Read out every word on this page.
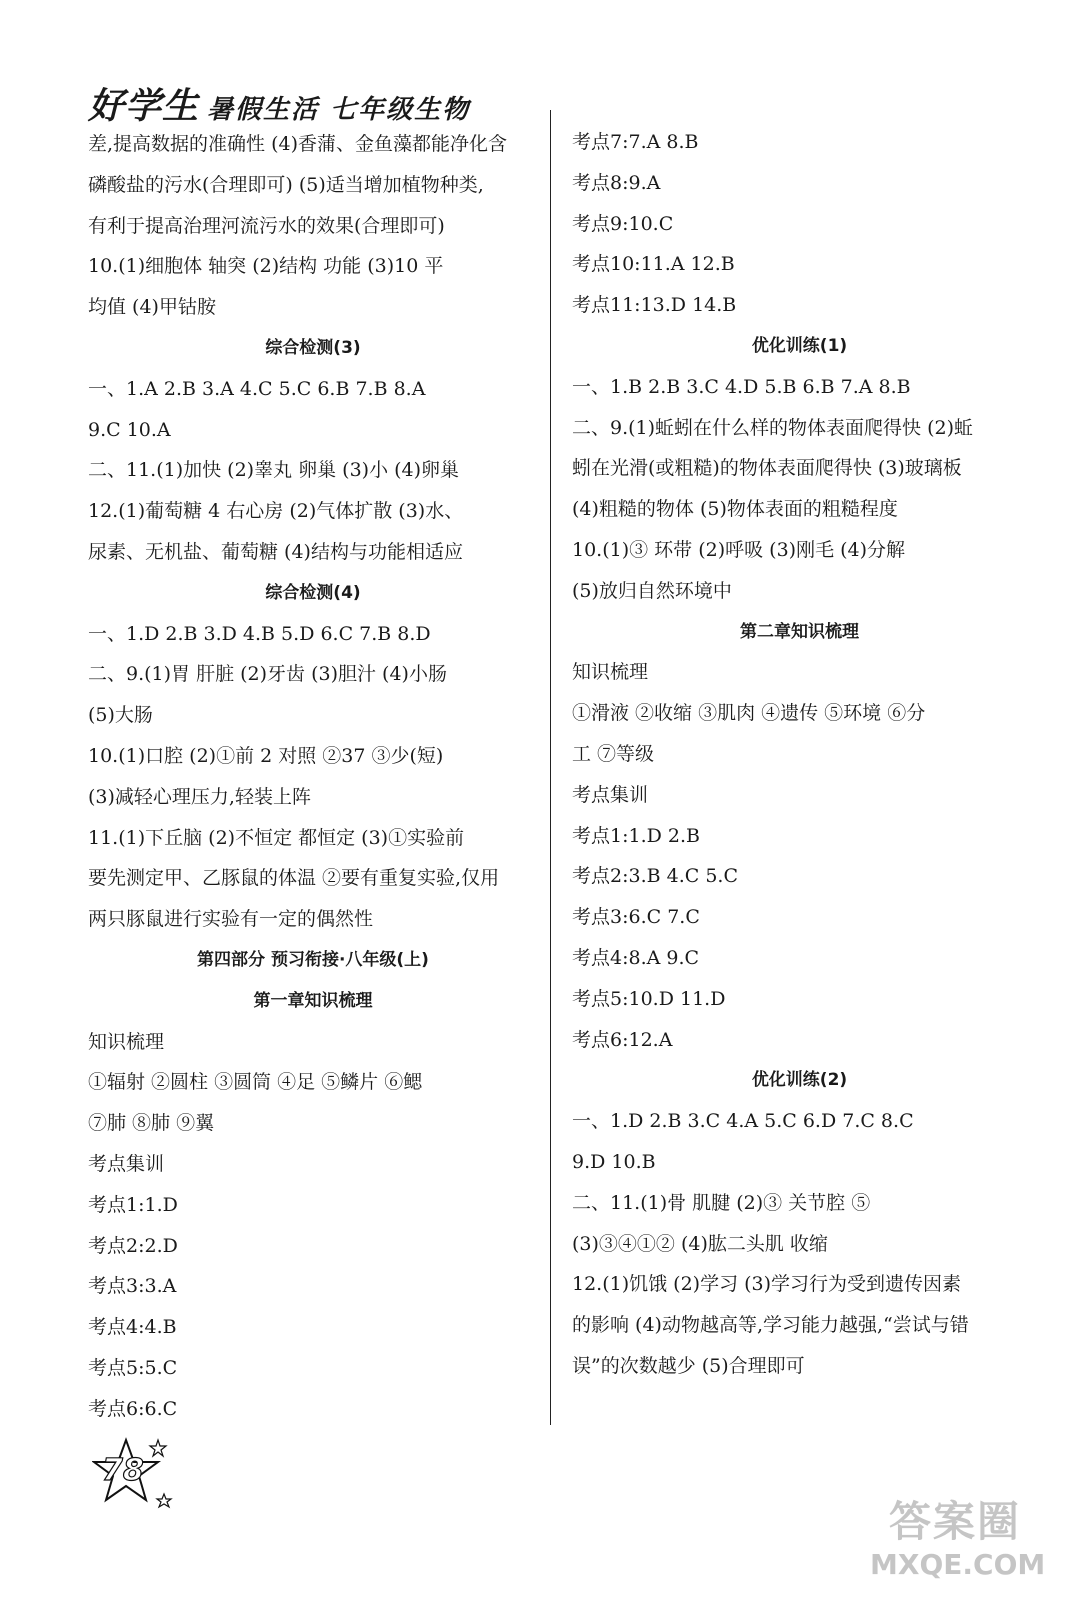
好学生 暑假生活 七年级生物
差,提高数据的准确性 (4)香蒲、金鱼藻都能净化含
磷酸盐的污水(合理即可) (5)适当增加植物种类,
有利于提高治理河流污水的效果(合理即可)
10.(1)细胞体 轴突 (2)结构 功能 (3)10 平
均值 (4)甲钴胺
综合检测(3)
一、1.A 2.B 3.A 4.C 5.C 6.B 7.B 8.A
9.C 10.A
二、11.(1)加快 (2)睾丸 卵巢 (3)小 (4)卵巢
12.(1)葡萄糖 4 右心房 (2)气体扩散 (3)水、
尿素、无机盐、葡萄糖 (4)结构与功能相适应
综合检测(4)
一、1.D 2.B 3.D 4.B 5.D 6.C 7.B 8.D
二、9.(1)胃 肝脏 (2)牙齿 (3)胆汁 (4)小肠
(5)大肠
10.(1)口腔 (2)①前 2 对照 ②37 ③少(短)
(3)减轻心理压力,轻装上阵
11.(1)下丘脑 (2)不恒定 都恒定 (3)①实验前
要先测定甲、乙豚鼠的体温 ②要有重复实验,仅用
两只豚鼠进行实验有一定的偶然性
第四部分 预习衔接·八年级(上)
第一章知识梳理
知识梳理
①辐射 ②圆柱 ③圆筒 ④足 ⑤鳞片 ⑥鳃
⑦肺 ⑧肺 ⑨翼
考点集训
考点1:1.D
考点2:2.D
考点3:3.A
考点4:4.B
考点5:5.C
考点6:6.C
考点7:7.A 8.B
考点8:9.A
考点9:10.C
考点10:11.A 12.B
考点11:13.D 14.B
优化训练(1)
一、1.B 2.B 3.C 4.D 5.B 6.B 7.A 8.B
二、9.(1)蚯蚓在什么样的物体表面爬得快 (2)蚯
蚓在光滑(或粗糙)的物体表面爬得快 (3)玻璃板
(4)粗糙的物体 (5)物体表面的粗糙程度
10.(1)③ 环带 (2)呼吸 (3)刚毛 (4)分解
(5)放归自然环境中
第二章知识梳理
知识梳理
①滑液 ②收缩 ③肌肉 ④遗传 ⑤环境 ⑥分
工 ⑦等级
考点集训
考点1:1.D 2.B
考点2:3.B 4.C 5.C
考点3:6.C 7.C
考点4:8.A 9.C
考点5:10.D 11.D
考点6:12.A
优化训练(2)
一、1.D 2.B 3.C 4.A 5.C 6.D 7.C 8.C
9.D 10.B
二、11.(1)骨 肌腱 (2)③ 关节腔 ⑤
(3)③④①② (4)肱二头肌 收缩
12.(1)饥饿 (2)学习 (3)学习行为受到遗传因素
的影响 (4)动物越高等,学习能力越强,“尝试与错
误”的次数越少 (5)合理即可
78
答案圈
MXQE.COM
